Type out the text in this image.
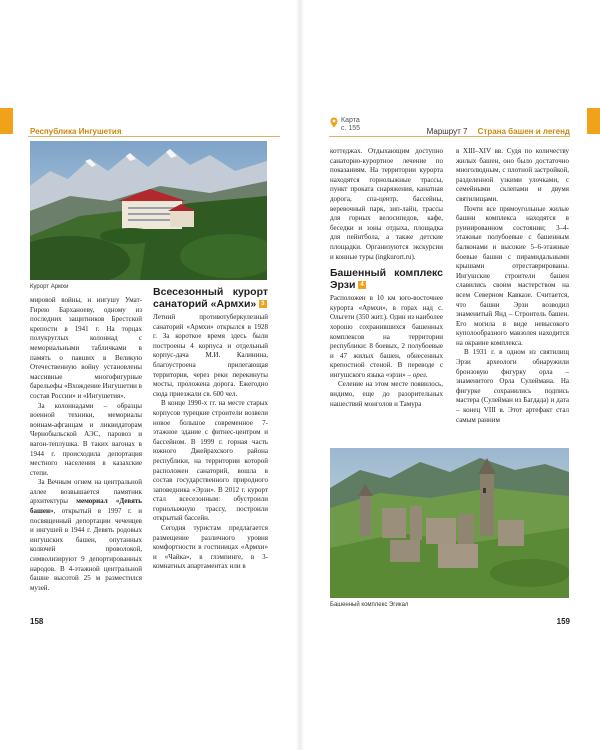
Республика Ингушетия
Карта
с. 155	Маршрут 7 Страна башен и легенд
Курорт Армхи

мировой войны, и ингушу Умат-Гирею Барханоеву, одному из последних защитников Брестской крепости в 1941 г. На торцах полукруглых колоннад с мемориальными табличками в память о павших в Великую Отечественную войну установлены массивные многофигурные барельефы «Вхождение Ингушетии в состав России» и «Ингушетия».

За колоннадами – образцы военной техники, мемориалы воинам-афганцам и ликвидаторам Чернобыльской АЭС, паровоз и вагон-теплушка. В таких вагонах в 1944 г. происходила депортация местного населения в казахские степи.

За Вечным огнем на центральной аллее возвышается памятник архитектуры мемориал «Девять башен», открытый в 1997 г. и посвященный депортации чеченцев и ингушей в 1944 г. Девять родовых ингушских башен, опутанных колючей проволокой, символизируют 9 депортированных народов. В 4-этажной центральной башне высотой 25 м разместился музей.

Всесезонный курорт санаторий «Армхи» 3

Летний противотуберкулезный санаторий «Армхи» открылся в 1928 г. За короткое время здесь были построены 4 корпуса и отдельный корпус-дача М.И. Калинина, благоустроена прилегающая территория, через реки перекинуты мосты, проложена дорога. Ежегодно сюда приезжали св. 600 чел.

В конце 1990-х гг. на месте старых корпусов турецкие строители возвели новое большое современное 7-этажное здание с фитнес-центром и бассейном. В 1999 г. горная часть южного Джейрахского района республики, на территории которой расположен санаторий, вошла в состав государственного природного заповедника «Эрзи». В 2012 г. курорт стал всесезонным: обустроили горнолыжную трассу, построили открытый бассейн.

Сегодня туристам предлагается размещение различного уровня комфортности в гостиницах «Армхи» и «Чайка», в глэмпинге, в 3-комнатных апартаментах или в

158

коттеджах. Отдыхающим доступно санаторно-курортное лечение по показаниям. На территории курорта находятся горнолыжные трассы, пункт проката снаряжения, канатная дорога, спа-центр, бассейны, веревочный парк, зип-лайн, трассы для горных велосипедов, кафе, беседки и зоны отдыха, площадка для пейнтбола, а также детские площадки. Организуются экскурсии и конные туры (ingkurort.ru).

Башенный комплекс Эрзи 4

Расположен в 10 км юго-восточнее курорта «Армхи», в горах над с. Ольгети (350 жит.). Один из наиболее хорошо сохранившихся башенных комплексов на территории республики: 8 боевых, 2 полубоевые и 47 жилых башен, обнесенных крепостной стеной. В переводе с ингушского языка «эрзи» – орел.

Селение на этом месте появилось, видимо, еще до разорительных нашествий монголов и Тамура

в XIII–XIV вв. Судя по количеству жилых башен, оно было достаточно многолюдным, с плотной застройкой, разделенной узкими улочками, с семейными склепами и двумя святилищами.

Почти все прямоугольные жилые башни комплекса находятся в руинированном состоянии; 3–4-этажные полубоевые с башенным балконами и высокие 5–6-этажные боевые башни с пирамидальными крышами отреставрированы. Ингушские строители башен славились своим мастерством на всем Северном Кавказе. Считается, что башни Эрзи возводил знаменитый Янд – Строитель башен. Его могила в виде невысокого куполообразного мавзолея находится на окраине комплекса.

В 1931 г. в одном из святилищ Эрзи археологи обнаружили бронзовую фигурку орла – знаменитого Орла Сулеймана. На фигурке сохранились подпись мастера (Сулейман из Багдада) и дата – конец VIII в. Этот артефакт стал самым ранним

Башенный комплекс Эгикал
159
